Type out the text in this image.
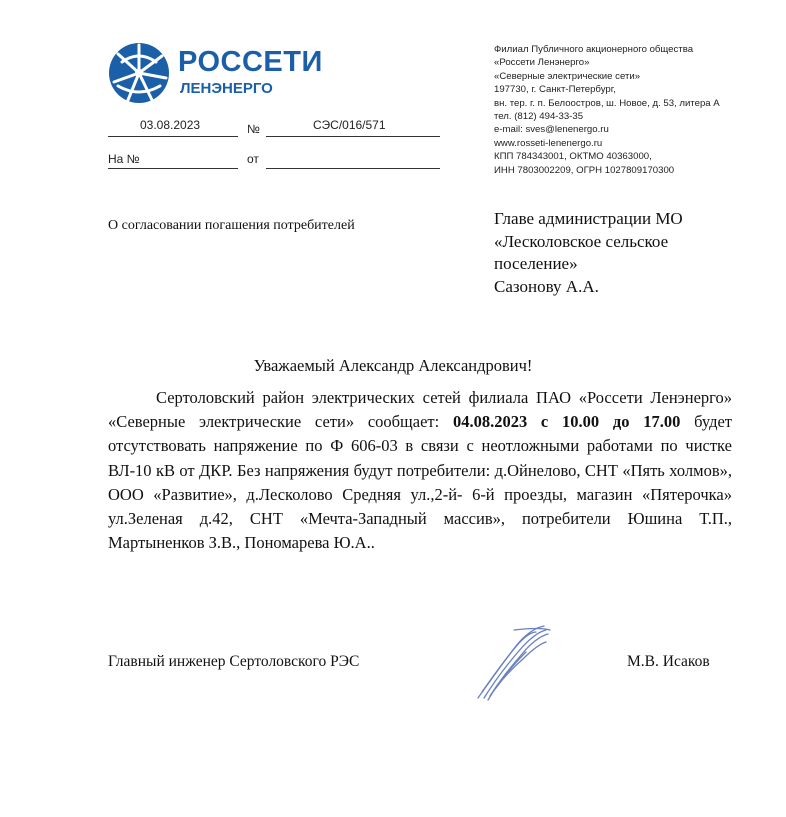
РОССЕТИ
ЛЕНЭНЕРГО
03.08.2023	№	СЭС/016/571
На №	от
Филиал Публичного акционерного общества
«Россети Ленэнерго»
«Северные электрические сети»
197730, г. Санкт-Петербург,
вн. тер. г. п. Белоостров, ш. Новое, д. 53, литера А
тел. (812) 494-33-35
e-mail: sves@lenenergo.ru
www.rosseti-lenenergo.ru
КПП 784343001, ОКТМО 40363000,
ИНН 7803002209, ОГРН 1027809170300
О согласовании погашения потребителей	Главе администрации МО
«Лесколовское сельское
поселение»
Сазонову А.А.
Уважаемый Александр Александрович!
Сертоловский район электрических сетей филиала ПАО «Россети Ленэнерго» «Северные электрические сети» сообщает: 04.08.2023 с 10.00 до 17.00 будет отсутствовать напряжение по Ф 606-03 в связи с неотложными работами по чистке ВЛ-10 кВ от ДКР. Без напряжения будут потребители: д.Ойнелово, СНТ «Пять холмов», ООО «Развитие», д.Лесколово Средняя ул.,2-й- 6-й проезды, магазин «Пятерочка» ул.Зеленая д.42, СНТ «Мечта-Западный массив», потребители Юшина Т.П., Мартыненков З.В., Пономарева Ю.А..
Главный инженер Сертоловского РЭС	М.В. Исаков
